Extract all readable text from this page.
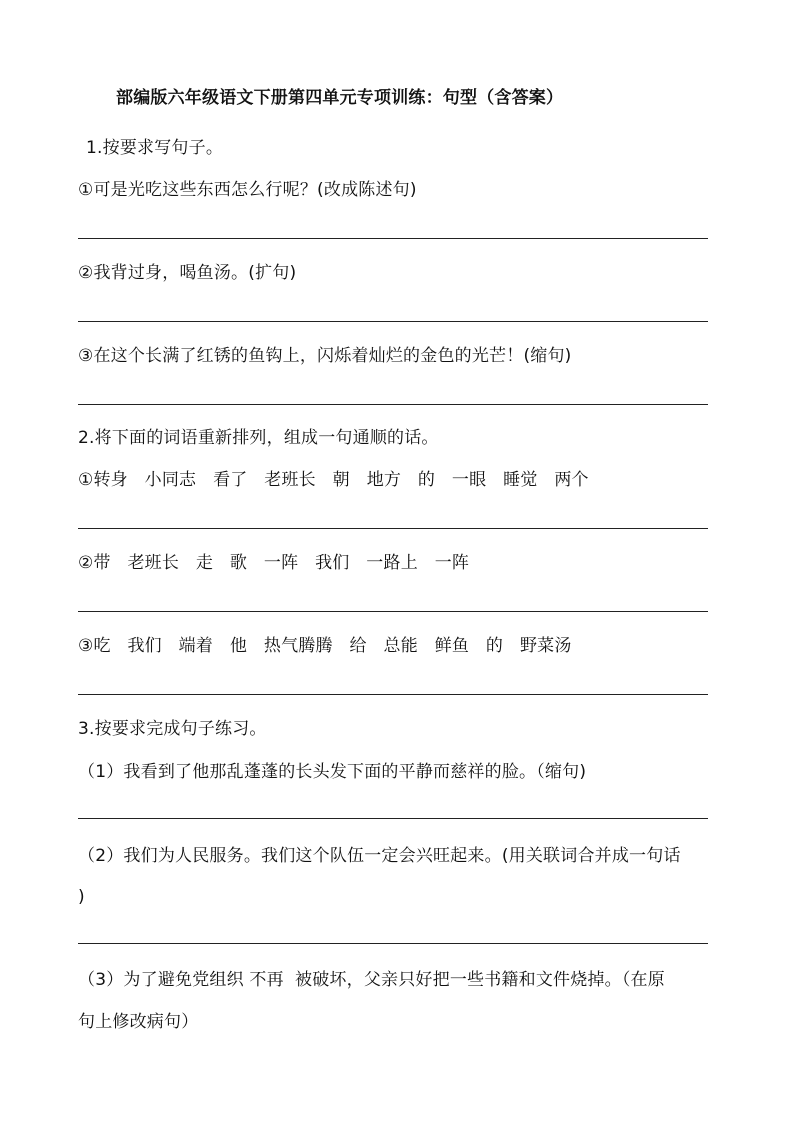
部编版六年级语文下册第四单元专项训练：句型（含答案）
1.按要求写句子。
①可是光吃这些东西怎么行呢？(改成陈述句)
②我背过身，喝鱼汤。(扩句)
③在这个长满了红锈的鱼钩上，闪烁着灿烂的金色的光芒！(缩句)
2.将下面的词语重新排列，组成一句通顺的话。
①转身   小同志   看了   老班长   朝   地方   的   一眼   睡觉   两个
②带   老班长   走   歌   一阵   我们   一路上   一阵
③吃   我们   端着   他   热气腾腾   给   总能   鲜鱼   的   野菜汤
3.按要求完成句子练习。
（1）我看到了他那乱蓬蓬的长头发下面的平静而慈祥的脸。（缩句)
（2）我们为人民服务。我们这个队伍一定会兴旺起来。(用关联词合并成一句话
)
（3）为了避免党组织 不再  被破坏，父亲只好把一些书籍和文件烧掉。（在原
句上修改病句）
